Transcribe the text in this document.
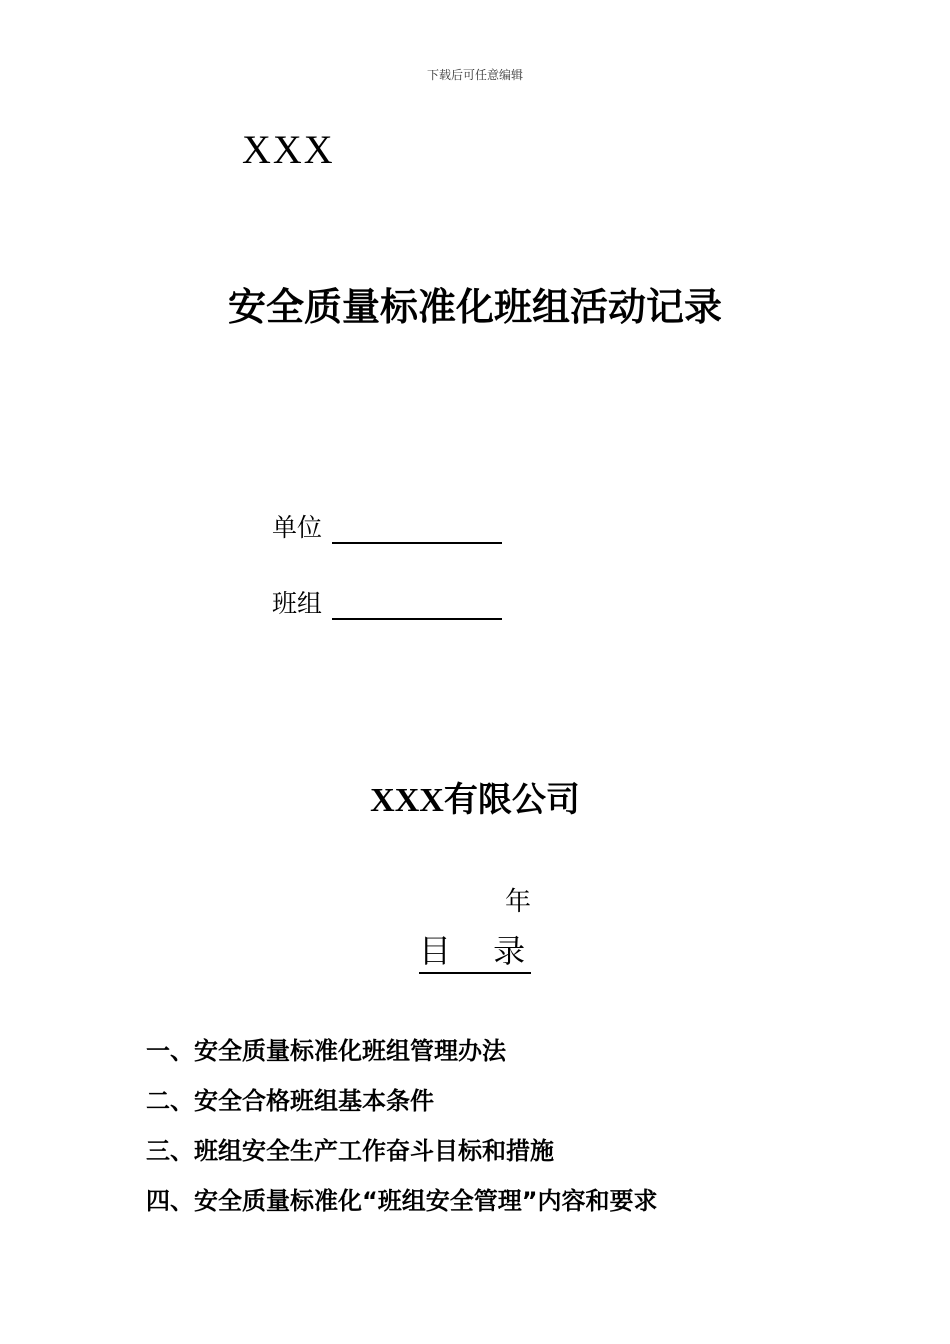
下载后可任意编辑
XXX
安全质量标准化班组活动记录
单位
班组
XXX有限公司
年
目 录
一、安全质量标准化班组管理办法
二、安全合格班组基本条件
三、班组安全生产工作奋斗目标和措施
四、安全质量标准化“班组安全管理”内容和要求
